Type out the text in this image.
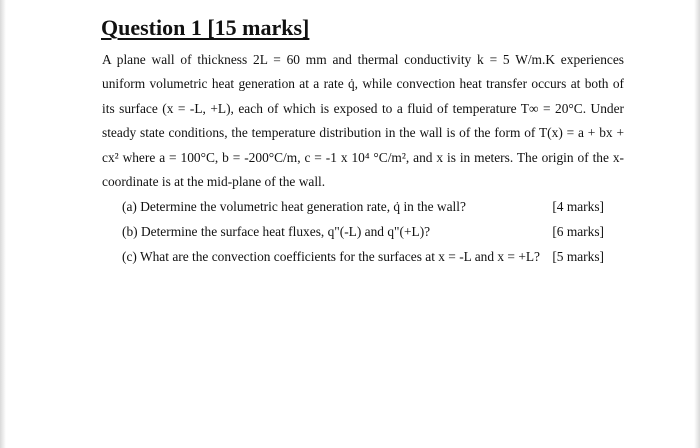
Question 1 [15 marks]
A plane wall of thickness 2L = 60 mm and thermal conductivity k = 5 W/m.K experiences
uniform volumetric heat generation at a rate q̇, while convection heat transfer occurs at both of
its surface (x = -L, +L), each of which is exposed to a fluid of temperature T∞ = 20°C. Under
steady state conditions, the temperature distribution in the wall is of the form of T(x) = a + bx +
cx² where a = 100°C, b = -200°C/m, c = -1 x 10⁴ °C/m², and x is in meters. The origin of the x-
coordinate is at the mid-plane of the wall.
(a) Determine the volumetric heat generation rate, q̇ in the wall?	[4 marks]
(b) Determine the surface heat fluxes, q"(-L) and q"(+L)?	[6 marks]
(c) What are the convection coefficients for the surfaces at x = -L and x = +L? [5 marks]
